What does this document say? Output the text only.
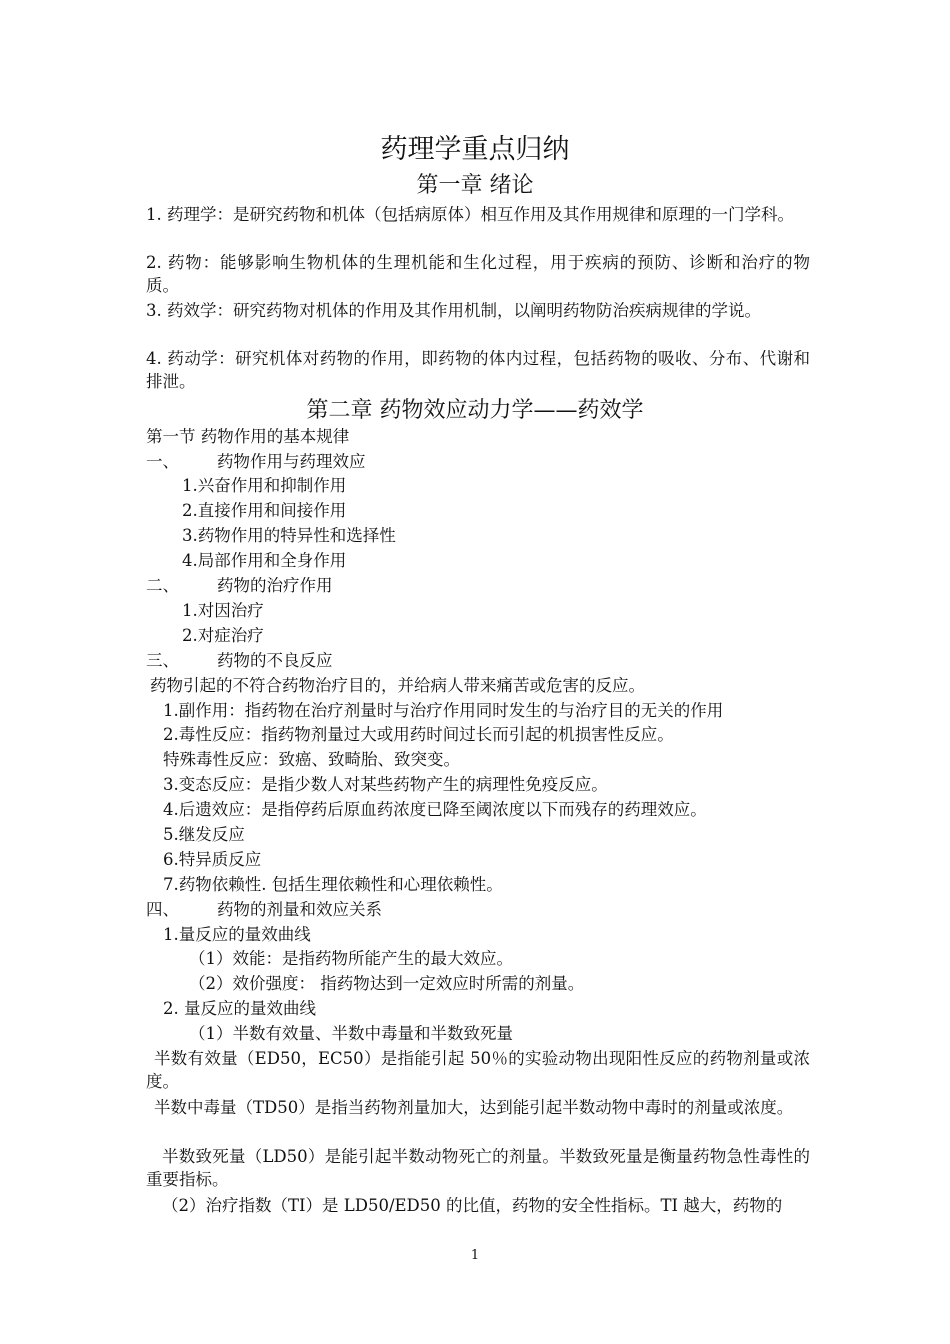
药理学重点归纳
第一章 绪论
1. 药理学：是研究药物和机体（包括病原体）相互作用及其作用规律和原理的一门学科。
2. 药物：能够影响生物机体的生理机能和生化过程，用于疾病的预防、诊断和治疗的物质。
3. 药效学：研究药物对机体的作用及其作用机制，以阐明药物防治疾病规律的学说。
4. 药动学：研究机体对药物的作用，即药物的体内过程，包括药物的吸收、分布、代谢和排泄。
第二章 药物效应动力学——药效学
第一节 药物作用的基本规律
一、 药物作用与药理效应
1.兴奋作用和抑制作用
2.直接作用和间接作用
3.药物作用的特异性和选择性
4.局部作用和全身作用
二、 药物的治疗作用
1.对因治疗
2.对症治疗
三、 药物的不良反应
药物引起的不符合药物治疗目的，并给病人带来痛苦或危害的反应。
1.副作用：指药物在治疗剂量时与治疗作用同时发生的与治疗目的无关的作用
2.毒性反应：指药物剂量过大或用药时间过长而引起的机损害性反应。
特殊毒性反应：致癌、致畸胎、致突变。
3.变态反应：是指少数人对某些药物产生的病理性免疫反应。
4.后遗效应：是指停药后原血药浓度已降至阈浓度以下而残存的药理效应。
5.继发反应
6.特异质反应
7.药物依赖性. 包括生理依赖性和心理依赖性。
四、 药物的剂量和效应关系
1.量反应的量效曲线
（1）效能：是指药物所能产生的最大效应。
（2）效价强度： 指药物达到一定效应时所需的剂量。
2. 量反应的量效曲线
（1）半数有效量、半数中毒量和半数致死量
半数有效量（ED50，EC50）是指能引起 50％的实验动物出现阳性反应的药物剂量或浓度。
半数中毒量（TD50）是指当药物剂量加大，达到能引起半数动物中毒时的剂量或浓度。
半数致死量（LD50）是能引起半数动物死亡的剂量。半数致死量是衡量药物急性毒性的重要指标。
（2）治疗指数（TI）是 LD50/ED50 的比值，药物的安全性指标。TI 越大，药物的
1
